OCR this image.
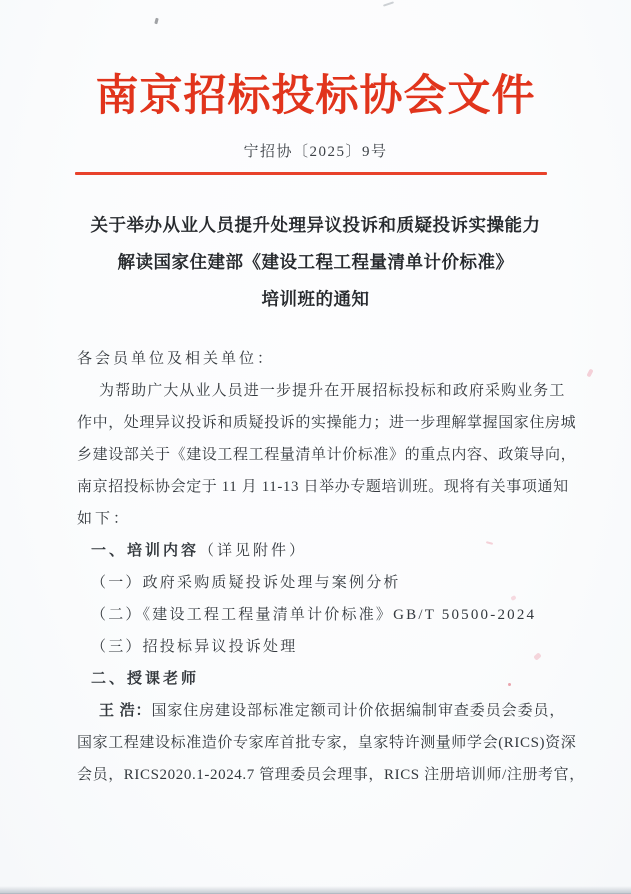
南京招标投标协会文件
宁招协〔2025〕9号
关于举办从业人员提升处理异议投诉和质疑投诉实操能力
解读国家住建部《建设工程工程量清单计价标准》
培训班的通知
各会员单位及相关单位：
为帮助广大从业人员进一步提升在开展招标投标和政府采购业务工
作中，处理异议投诉和质疑投诉的实操能力；进一步理解掌握国家住房城
乡建设部关于《建设工程工程量清单计价标准》的重点内容、政策导向，
南京招投标协会定于 11 月 11-13 日举办专题培训班。现将有关事项通知
如下：
一、培训内容（详见附件）
（一）政府采购质疑投诉处理与案例分析
（二）《建设工程工程量清单计价标准》GB/T 50500-2024
（三）招投标异议投诉处理
二、授课老师
王 浩：国家住房建设部标准定额司计价依据编制审查委员会委员，
国家工程建设标准造价专家库首批专家，皇家特许测量师学会(RICS)资深
会员，RICS2020.1-2024.7 管理委员会理事，RICS 注册培训师/注册考官，
